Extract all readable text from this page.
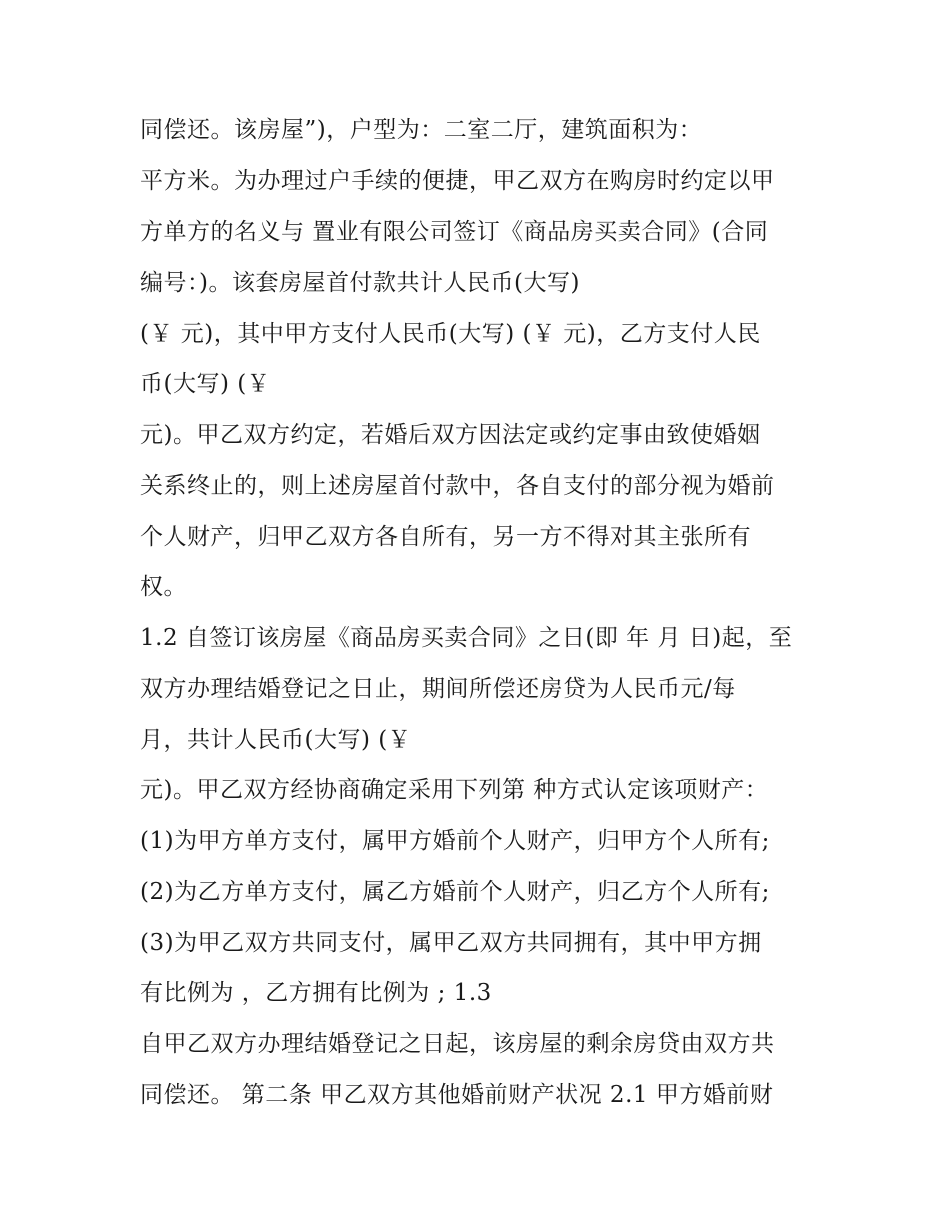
同偿还。该房屋”)，户型为：二室二厅，建筑面积为：
平方米。为办理过户手续的便捷，甲乙双方在购房时约定以甲
方单方的名义与 置业有限公司签订《商品房买卖合同》(合同
编号：)。该套房屋首付款共计人民币(大写)
(￥ 元)，其中甲方支付人民币(大写) (￥ 元)，乙方支付人民
币(大写) (￥
元)。甲乙双方约定，若婚后双方因法定或约定事由致使婚姻
关系终止的，则上述房屋首付款中，各自支付的部分视为婚前
个人财产，归甲乙双方各自所有，另一方不得对其主张所有
权。
1.2 自签订该房屋《商品房买卖合同》之日(即 年 月 日)起，至
双方办理结婚登记之日止，期间所偿还房贷为人民币元/每
月，共计人民币(大写) (￥
元)。甲乙双方经协商确定采用下列第 种方式认定该项财产：
(1)为甲方单方支付，属甲方婚前个人财产，归甲方个人所有;
(2)为乙方单方支付，属乙方婚前个人财产，归乙方个人所有;
(3)为甲乙双方共同支付，属甲乙双方共同拥有，其中甲方拥
有比例为 ，乙方拥有比例为 ; 1.3
自甲乙双方办理结婚登记之日起，该房屋的剩余房贷由双方共
同偿还。 第二条 甲乙双方其他婚前财产状况 2.1 甲方婚前财
